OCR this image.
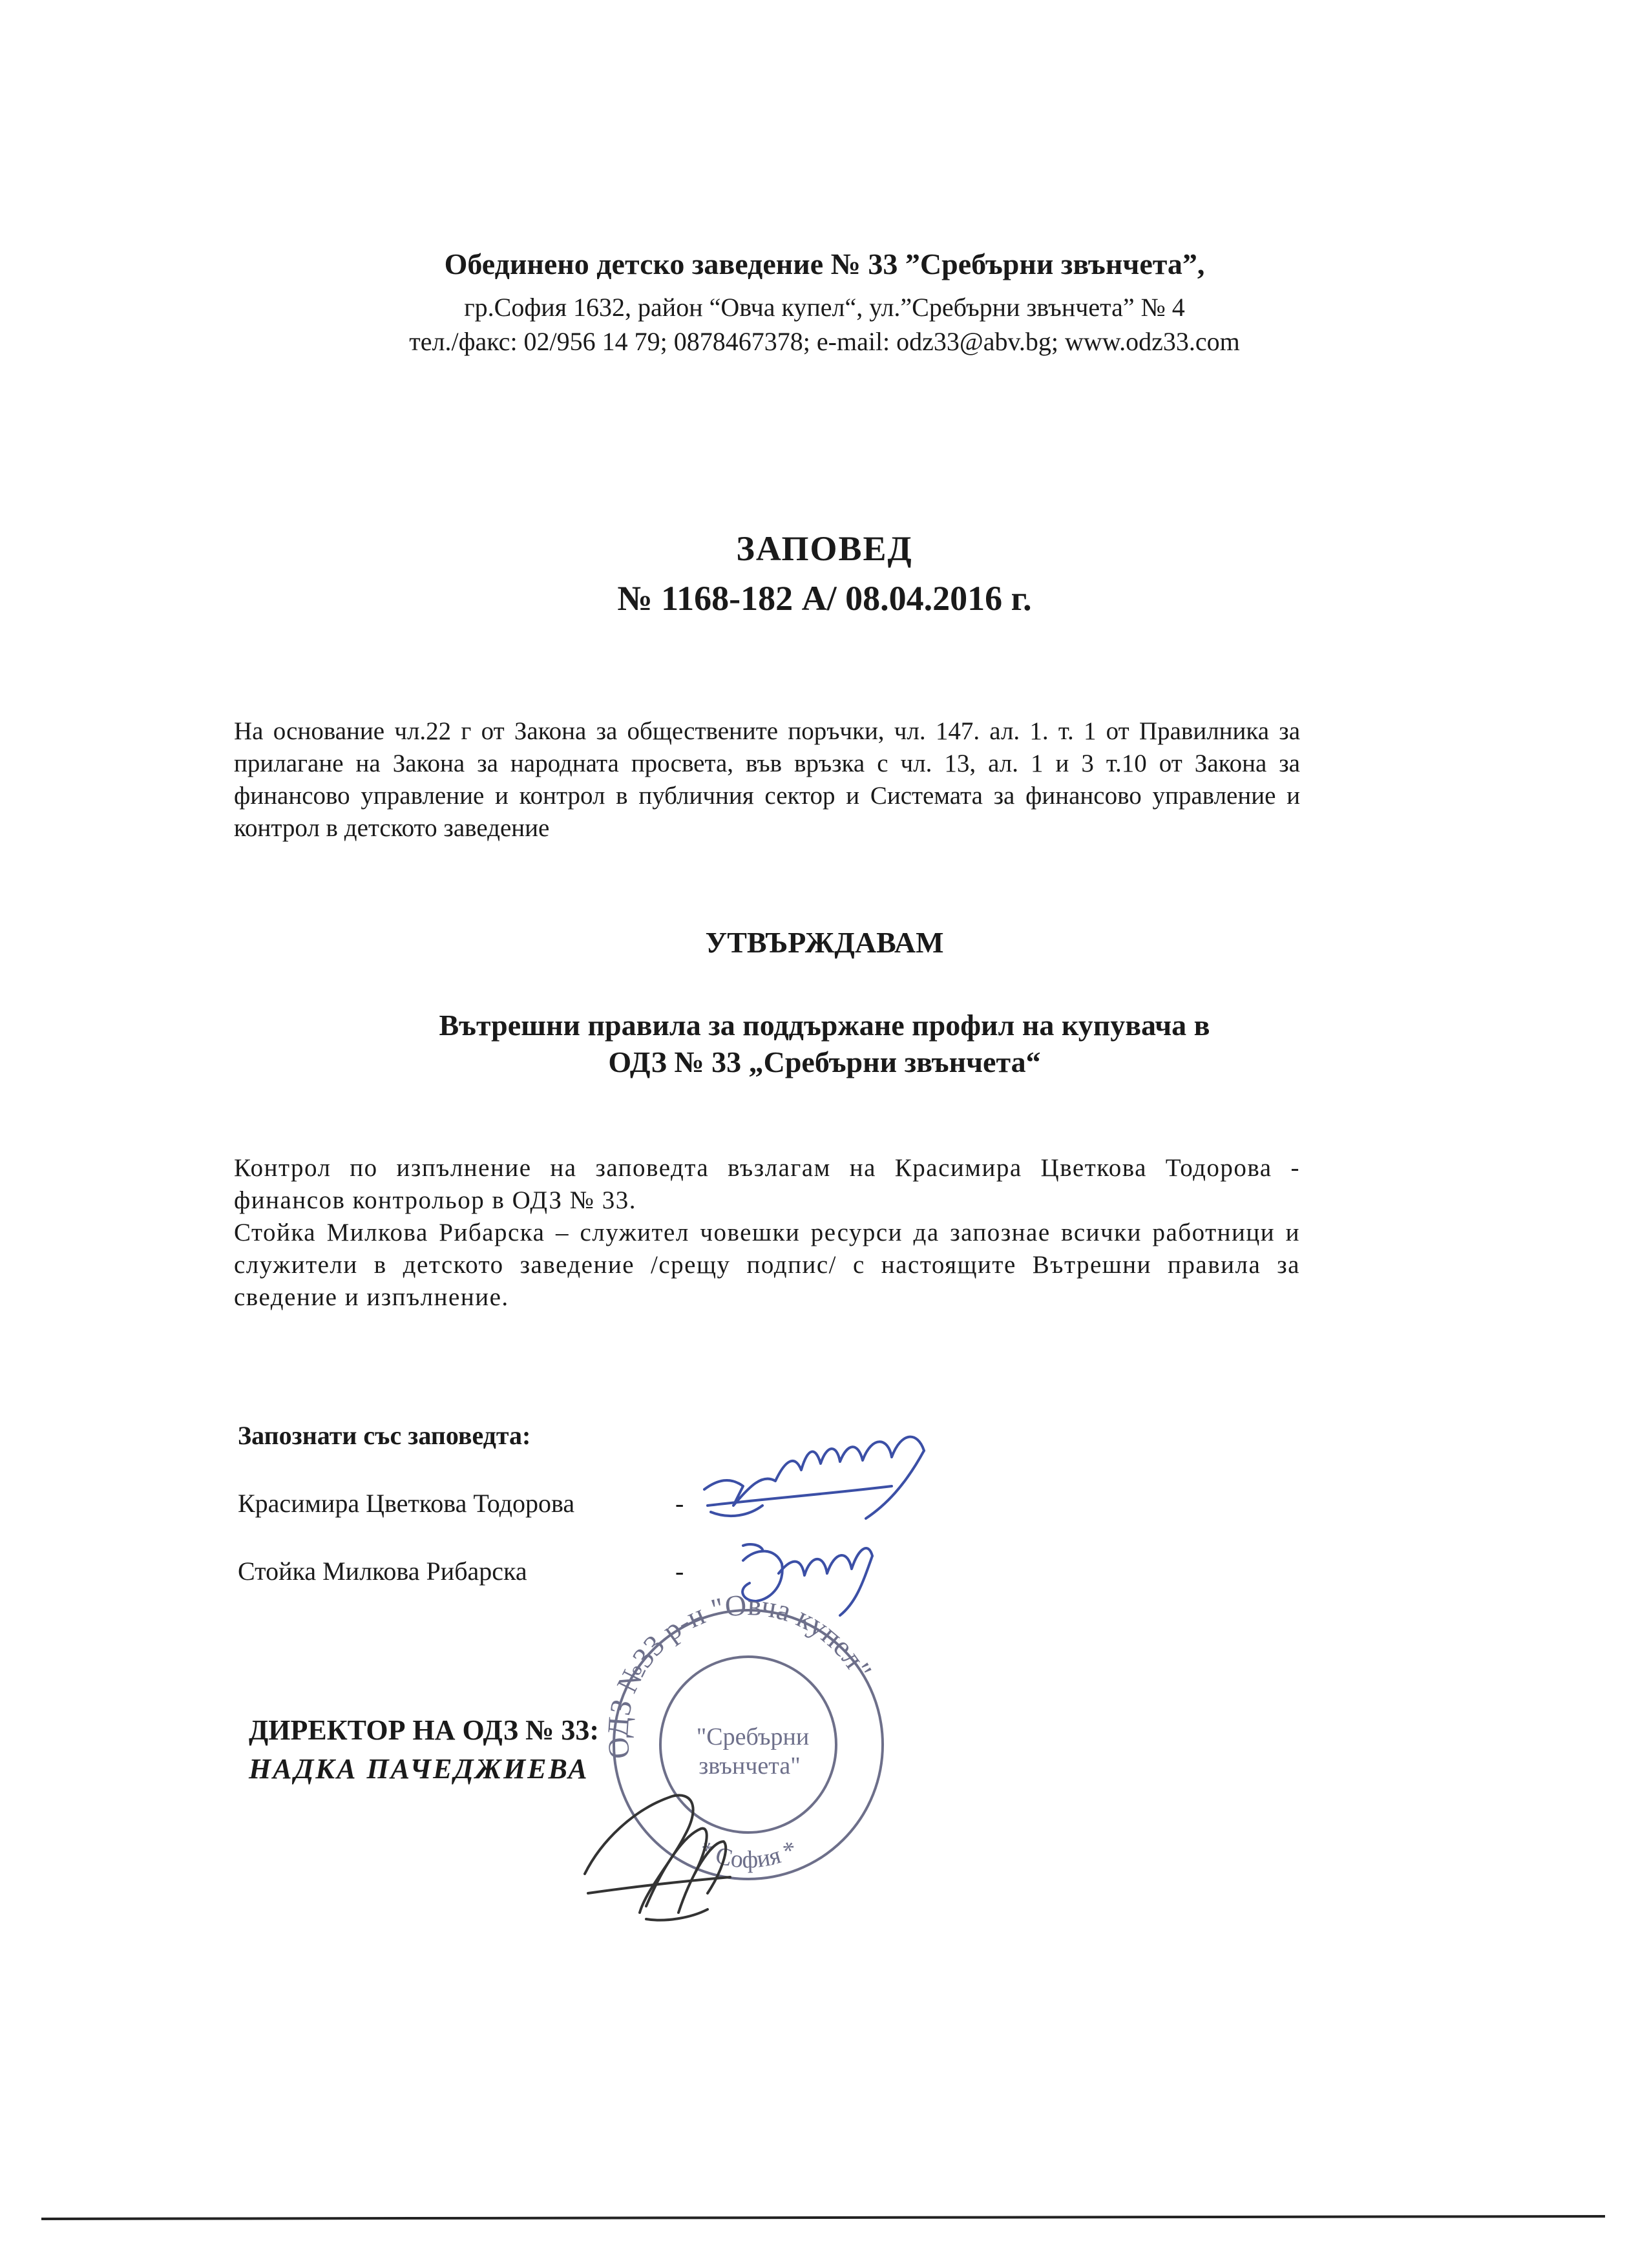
Обединено детско заведение № 33 ”Сребърни звънчета”,
гр.София 1632, район “Овча купел“, ул.”Сребърни звънчета” № 4
тел./факс: 02/956 14 79; 0878467378; e-mail: odz33@abv.bg; www.odz33.com
ЗАПОВЕД
№ 1168-182 А/ 08.04.2016 г.

На основание чл.22 г от Закона за обществените поръчки, чл. 147. ал. 1. т. 1 от Правилника за прилагане на Закона за народната просвета, във връзка с чл. 13, ал. 1 и 3 т.10 от Закона за финансово управление и контрол в публичния сектор и Системата за финансово управление и контрол в детското заведение

УТВЪРЖДАВАМ
Вътрешни правила за поддържане профил на купувача в
ОДЗ № 33 „Сребърни звънчета“

Контрол по изпълнение на заповедта възлагам на Красимира Цветкова Тодорова - финансов контрольор в ОДЗ № 33.

Стойка Милкова Рибарска – служител човешки ресурси да запознае всички работници и служители в детското заведение /срещу подпис/ с настоящите Вътрешни правила за сведение и изпълнение.

Запознати със заповедта:
Красимира Цветкова Тодорова	-
Стойка Милкова Рибарска	-
ДИРЕКТОР НА ОДЗ № 33:
НАДКА ПАЧЕДЖИЕВА
ОДЗ №33 р-н "Овча купел"
"Сребърни
звънчета"
* София *
